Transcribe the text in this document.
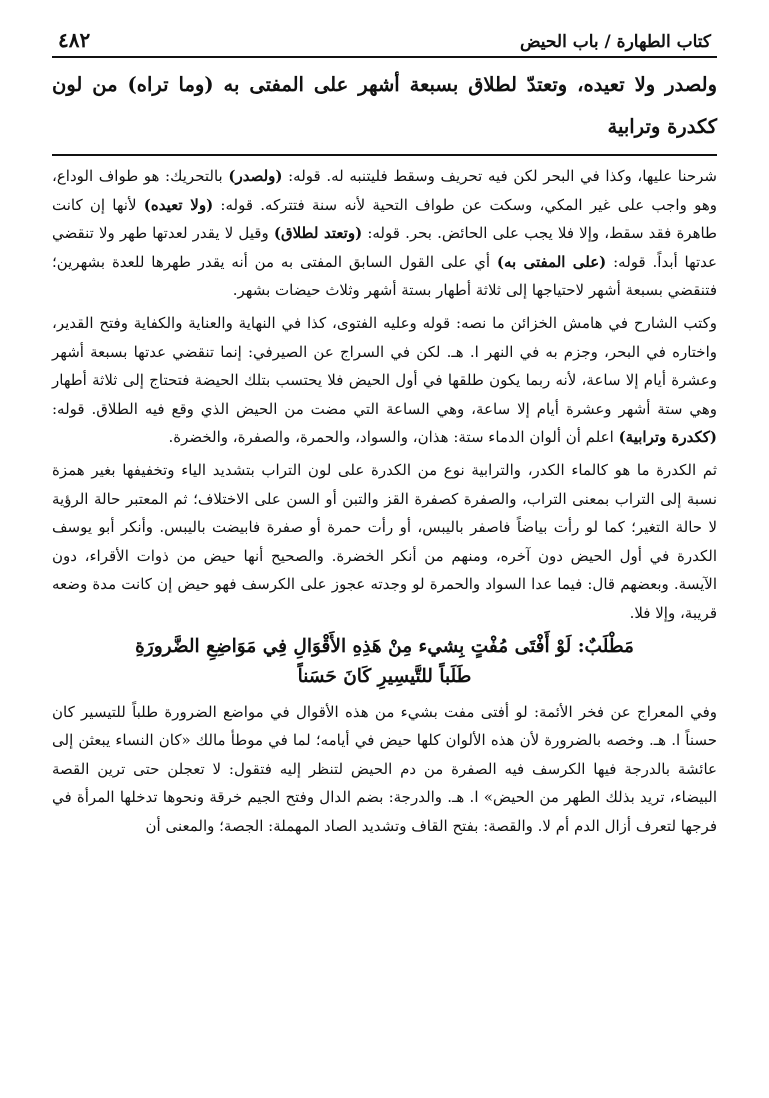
كتاب الطهارة / باب الحيض
٤٨٢
ولصدر ولا تعيده، وتعتدّ لطلاق بسبعة أشهر على المفتى به (وما تراه) من لون ككدرة وترابية

شرحنا عليها، وكذا في البحر لكن فيه تحريف وسقط فليتنبه له. قوله: (ولصدر) بالتحريك: هو طواف الوداع، وهو واجب على غير المكي، وسكت عن طواف التحية لأنه سنة فتتركه. قوله: (ولا تعيده) لأنها إن كانت طاهرة فقد سقط، وإلا فلا يجب على الحائض. بحر. قوله: (وتعتد لطلاق) وقيل لا يقدر لعدتها طهر ولا تنقضي عدتها أبداً. قوله: (على المفتى به) أي على القول السابق المفتى به من أنه يقدر طهرها للعدة بشهرين؛ فتنقضي بسبعة أشهر لاحتياجها إلى ثلاثة أطهار بستة أشهر وثلاث حيضات بشهر.

وكتب الشارح في هامش الخزائن ما نصه: قوله وعليه الفتوى، كذا في النهاية والعناية والكفاية وفتح القدير، واختاره في البحر، وجزم به في النهر ا. هـ. لكن في السراج عن الصيرفي: إنما تنقضي عدتها بسبعة أشهر وعشرة أيام إلا ساعة، لأنه ربما يكون طلقها في أول الحيض فلا يحتسب بتلك الحيضة فتحتاج إلى ثلاثة أطهار وهي ستة أشهر وعشرة أيام إلا ساعة، وهي الساعة التي مضت من الحيض الذي وقع فيه الطلاق. قوله: (ككدرة وترابية) اعلم أن ألوان الدماء ستة: هذان، والسواد، والحمرة، والصفرة، والخضرة.

ثم الكدرة ما هو كالماء الكدر، والترابية نوع من الكدرة على لون التراب بتشديد الياء وتخفيفها بغير همزة نسبة إلى التراب بمعنى التراب، والصفرة كصفرة القز والتبن أو السن على الاختلاف؛ ثم المعتبر حالة الرؤية لا حالة التغير؛ كما لو رأت بياضاً فاصفر باليبس، أو رأت حمرة أو صفرة فابيضت باليبس. وأنكر أبو يوسف الكدرة في أول الحيض دون آخره، ومنهم من أنكر الخضرة. والصحيح أنها حيض من ذوات الأقراء، دون الآيسة. وبعضهم قال: فيما عدا السواد والحمرة لو وجدته عجوز على الكرسف فهو حيض إن كانت مدة وضعه قريبة، وإلا فلا.

مَطْلَبٌ: لَوْ أَفْتَى مُفْتٍ بِشيء مِنْ هَذِهِ الأَقْوَالِ فِي مَوَاضِعِ الضَّرورَةِ
طَلَباً للتَّيسِيرِ كَانَ حَسَناً

وفي المعراج عن فخر الأئمة: لو أفتى مفت بشيء من هذه الأقوال في مواضع الضرورة طلباً للتيسير كان حسناً ا. هـ. وخصه بالضرورة لأن هذه الألوان كلها حيض في أيامه؛ لما في موطأ مالك «كان النساء يبعثن إلى عائشة بالدرجة فيها الكرسف فيه الصفرة من دم الحيض لتنظر إليه فتقول: لا تعجلن حتى ترين القصة البيضاء، تريد بذلك الطهر من الحيض» ا. هـ. والدرجة: بضم الدال وفتح الجيم خرقة ونحوها تدخلها المرأة في فرجها لتعرف أزال الدم أم لا. والقصة: بفتح القاف وتشديد الصاد المهملة: الجصة؛ والمعنى أن
